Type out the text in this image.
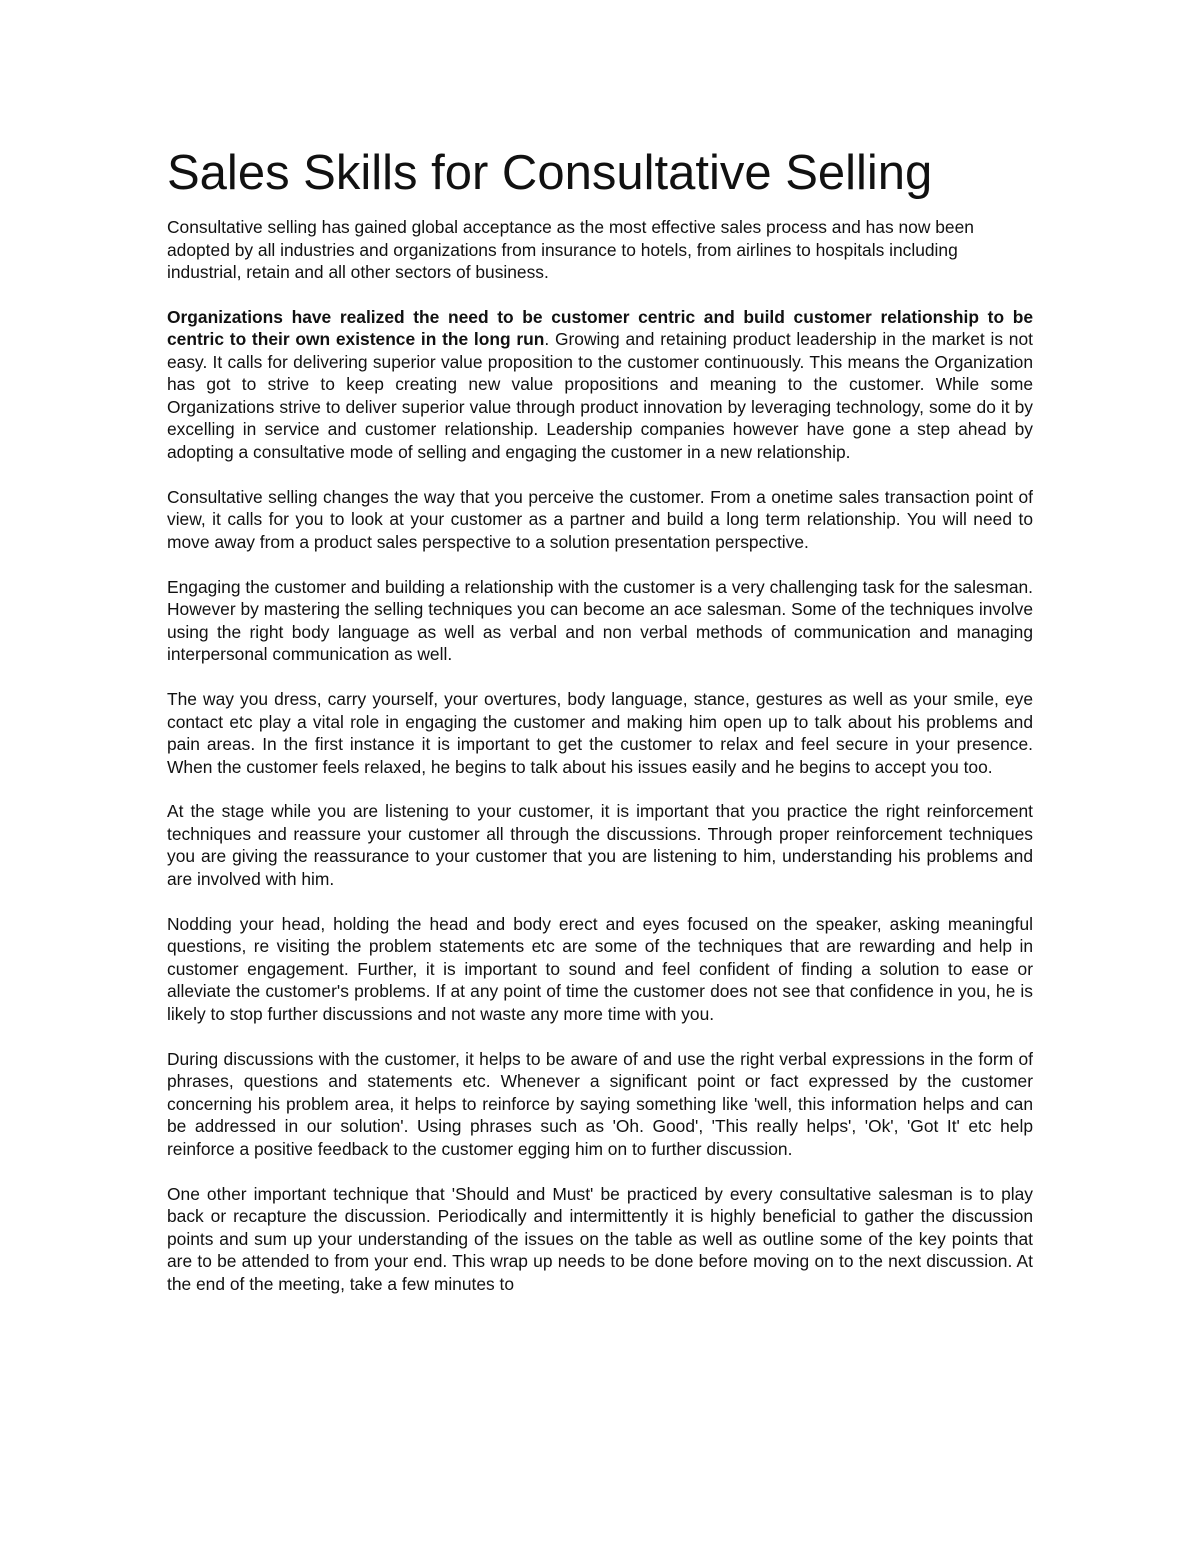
Sales Skills for Consultative Selling

Consultative selling has gained global acceptance as the most effective sales process and has now been adopted by all industries and organizations from insurance to hotels, from airlines to hospitals including industrial, retain and all other sectors of business.

Organizations have realized the need to be customer centric and build customer relationship to be centric to their own existence in the long run. Growing and retaining product leadership in the market is not easy. It calls for delivering superior value proposition to the customer continuously. This means the Organization has got to strive to keep creating new value propositions and meaning to the customer. While some Organizations strive to deliver superior value through product innovation by leveraging technology, some do it by excelling in service and customer relationship. Leadership companies however have gone a step ahead by adopting a consultative mode of selling and engaging the customer in a new relationship.

Consultative selling changes the way that you perceive the customer. From a onetime sales transaction point of view, it calls for you to look at your customer as a partner and build a long term relationship. You will need to move away from a product sales perspective to a solution presentation perspective.

Engaging the customer and building a relationship with the customer is a very challenging task for the salesman. However by mastering the selling techniques you can become an ace salesman. Some of the techniques involve using the right body language as well as verbal and non verbal methods of communication and managing interpersonal communication as well.

The way you dress, carry yourself, your overtures, body language, stance, gestures as well as your smile, eye contact etc play a vital role in engaging the customer and making him open up to talk about his problems and pain areas. In the first instance it is important to get the customer to relax and feel secure in your presence. When the customer feels relaxed, he begins to talk about his issues easily and he begins to accept you too.

At the stage while you are listening to your customer, it is important that you practice the right reinforcement techniques and reassure your customer all through the discussions. Through proper reinforcement techniques you are giving the reassurance to your customer that you are listening to him, understanding his problems and are involved with him.

Nodding your head, holding the head and body erect and eyes focused on the speaker, asking meaningful questions, re visiting the problem statements etc are some of the techniques that are rewarding and help in customer engagement. Further, it is important to sound and feel confident of finding a solution to ease or alleviate the customer's problems. If at any point of time the customer does not see that confidence in you, he is likely to stop further discussions and not waste any more time with you.

During discussions with the customer, it helps to be aware of and use the right verbal expressions in the form of phrases, questions and statements etc. Whenever a significant point or fact expressed by the customer concerning his problem area, it helps to reinforce by saying something like 'well, this information helps and can be addressed in our solution'. Using phrases such as 'Oh. Good', 'This really helps', 'Ok', 'Got It' etc help reinforce a positive feedback to the customer egging him on to further discussion.

One other important technique that 'Should and Must' be practiced by every consultative salesman is to play back or recapture the discussion. Periodically and intermittently it is highly beneficial to gather the discussion points and sum up your understanding of the issues on the table as well as outline some of the key points that are to be attended to from your end. This wrap up needs to be done before moving on to the next discussion. At the end of the meeting, take a few minutes to
